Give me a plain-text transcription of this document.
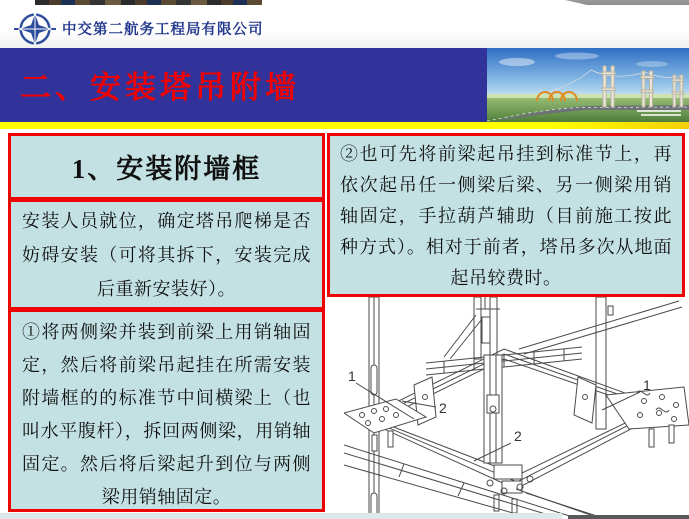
中交第二航务工程局有限公司
二、安装塔吊附墙
1、安装附墙框

安装人员就位，确定塔吊爬梯是否妨碍安装（可将其拆下，安装完成后重新安装好）。

①将两侧梁并装到前梁上用销轴固定，然后将前梁吊起挂在所需安装附墙框的的标准节中间横梁上（也叫水平腹杆），拆回两侧梁，用销轴固定。然后将后梁起升到位与两侧梁用销轴固定。

②也可先将前梁起吊挂到标准节上，再依次起吊任一侧梁后梁、另一侧梁用销轴固定，手拉葫芦辅助（目前施工按此种方式）。相对于前者，塔吊多次从地面起吊较费时。

1
2
2
1
